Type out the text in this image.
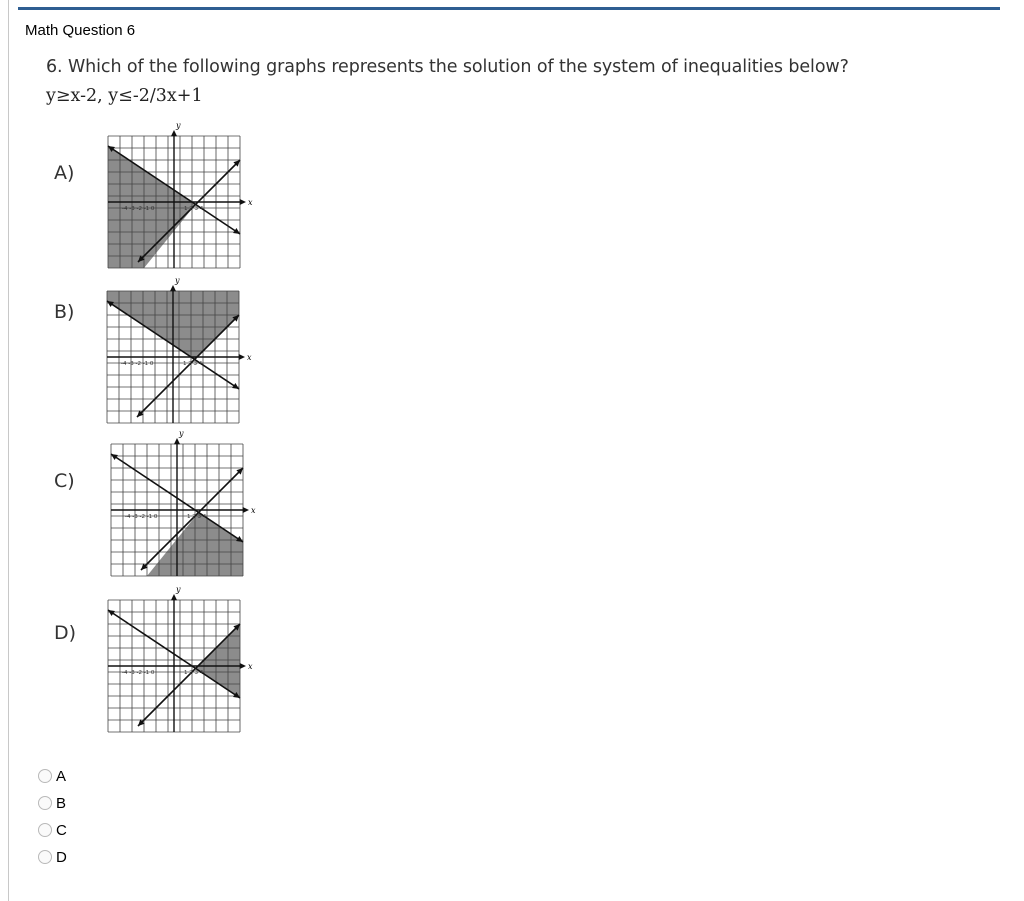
Math Question 6
6. Which of the following graphs represents the solution of the system of inequalities below?
y≥x-2, y≤-2/3x+1
A)
y
x
-4 -3 -2 -1 0	1 2 3 4
B)
y
x
-4 -3 -2 -1 0	1 2 3 4
C)
y
x
-4 -3 -2 -1 0	1 2 3 4
D)
y
x
-4 -3 -2 -1 0	1 2 3 4
A
B
C
D
